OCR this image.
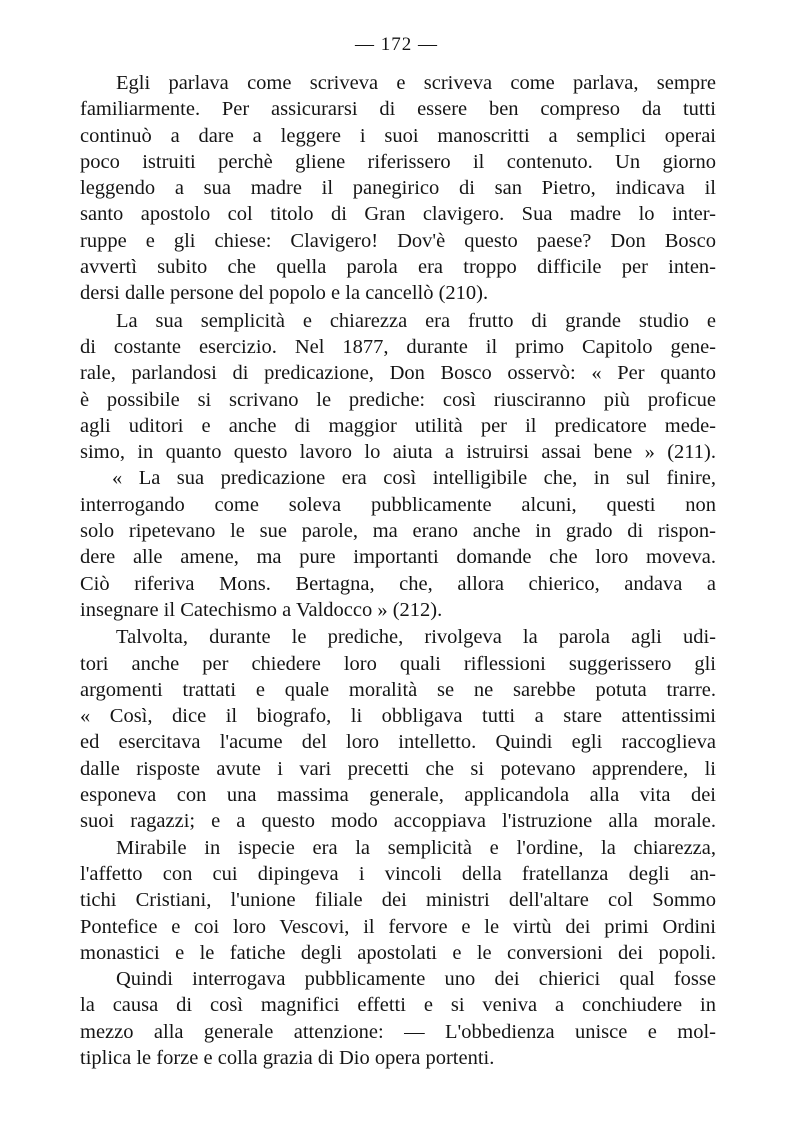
— 172 —
Egli parlava come scriveva e scriveva come parlava, sempre
familiarmente. Per assicurarsi di essere ben compreso da tutti
continuò a dare a leggere i suoi manoscritti a semplici operai
poco istruiti perchè gliene riferissero il contenuto. Un giorno
leggendo a sua madre il panegirico di san Pietro, indicava il
santo apostolo col titolo di Gran clavigero. Sua madre lo inter-
ruppe e gli chiese: Clavigero! Dov'è questo paese? Don Bosco
avvertì subito che quella parola era troppo difficile per inten-
dersi dalle persone del popolo e la cancellò (210).
La sua semplicità e chiarezza era frutto di grande studio e
di costante esercizio. Nel 1877, durante il primo Capitolo gene-
rale, parlandosi di predicazione, Don Bosco osservò: « Per quanto
è possibile si scrivano le prediche: così riusciranno più proficue
agli uditori e anche di maggior utilità per il predicatore mede-
simo, in quanto questo lavoro lo aiuta a istruirsi assai bene » (211).
« La sua predicazione era così intelligibile che, in sul finire,
interrogando come soleva pubblicamente alcuni, questi non
solo ripetevano le sue parole, ma erano anche in grado di rispon-
dere alle amene, ma pure importanti domande che loro moveva.
Ciò riferiva Mons. Bertagna, che, allora chierico, andava a
insegnare il Catechismo a Valdocco » (212).
Talvolta, durante le prediche, rivolgeva la parola agli udi-
tori anche per chiedere loro quali riflessioni suggerissero gli
argomenti trattati e quale moralità se ne sarebbe potuta trarre.
« Così, dice il biografo, li obbligava tutti a stare attentissimi
ed esercitava l'acume del loro intelletto. Quindi egli raccoglieva
dalle risposte avute i vari precetti che si potevano apprendere, li
esponeva con una massima generale, applicandola alla vita dei
suoi ragazzi; e a questo modo accoppiava l'istruzione alla morale.
Mirabile in ispecie era la semplicità e l'ordine, la chiarezza,
l'affetto con cui dipingeva i vincoli della fratellanza degli an-
tichi Cristiani, l'unione filiale dei ministri dell'altare col Sommo
Pontefice e coi loro Vescovi, il fervore e le virtù dei primi Ordini
monastici e le fatiche degli apostolati e le conversioni dei popoli.
Quindi interrogava pubblicamente uno dei chierici qual fosse
la causa di così magnifici effetti e si veniva a conchiudere in
mezzo alla generale attenzione: — L'obbedienza unisce e mol-
tiplica le forze e colla grazia di Dio opera portenti.
